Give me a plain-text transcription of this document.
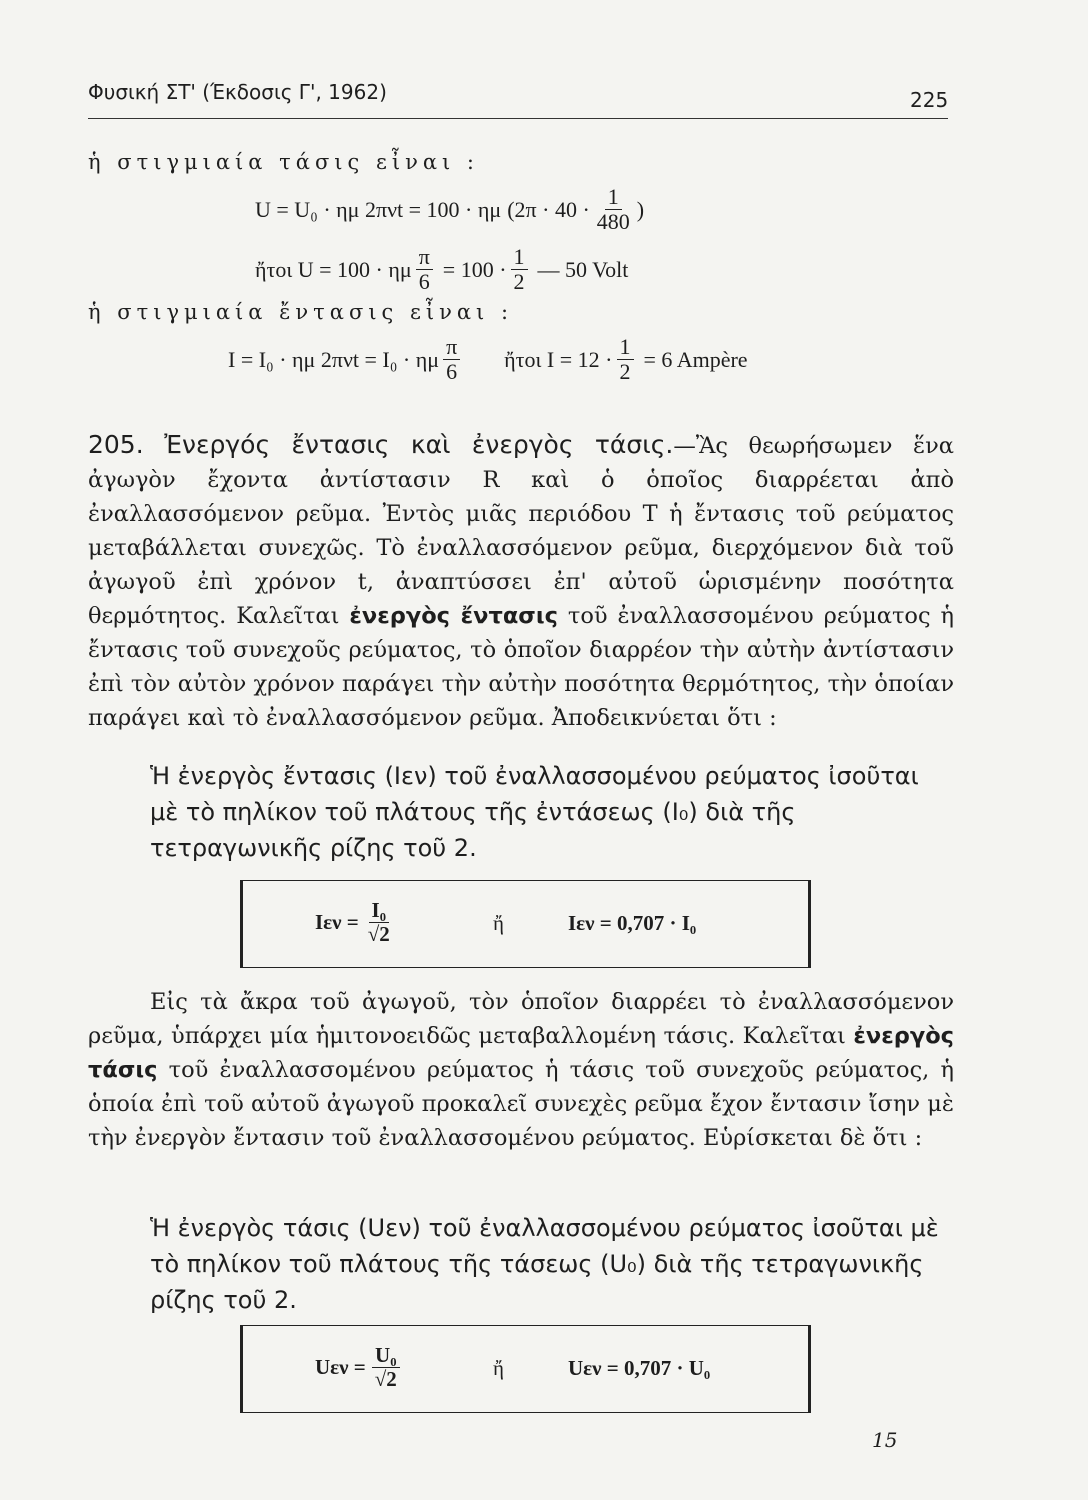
Φυσική ΣΤ' (Έκδοσις Γ', 1962)	225
ἡ στιγμιαία τάσις εἶναι :
U = U₀ · ημ 2πνt = 100 · ημ ($2\pi \cdot 40 \cdot \frac{1}{480}$ )
ἤτοι U = 100 · ημ $\frac{\pi}{6} = 100 \cdot \frac{1}{2}$ — 50 Volt
ἡ στιγμιαία ἔντασις εἶναι :
I = I₀ · ημ 2πνt = I₀ · ημ $\frac{\pi}{6}$ ἤτοι $I = 12 \cdot \frac{1}{2} = 6$ Ampère

205. Ἐνεργός ἔντασις καὶ ἐνεργὸς τάσις.—Ἂς θεωρήσωμεν ἕνα ἀγωγὸν ἔχοντα ἀντίστασιν R καὶ ὁ ὁποῖος διαρρέεται ἀπὸ ἐναλλασσόμενον ρεῦμα. Ἐντὸς μιᾶς περιόδου T ἡ ἔντασις τοῦ ρεύματος μεταβάλλεται συνεχῶς. Τὸ ἐναλλασσόμενον ρεῦμα, διερχόμενον διὰ τοῦ ἀγωγοῦ ἐπὶ χρόνον t, ἀναπτύσσει ἐπ' αὐτοῦ ὡρισμένην ποσότητα θερμότητος. Καλεῖται ἐνεργὸς ἔντασις τοῦ ἐναλλασσομένου ρεύματος ἡ ἔντασις τοῦ συνεχοῦς ρεύματος, τὸ ὁποῖον διαρρέον τὴν αὐτὴν ἀντίστασιν ἐπὶ τὸν αὐτὸν χρόνον παράγει τὴν αὐτὴν ποσότητα θερμότητος, τὴν ὁποίαν παράγει καὶ τὸ ἐναλλασσόμενον ρεῦμα. Ἀποδεικνύεται ὅτι :

Ἡ ἐνεργὸς ἔντασις (Iεν) τοῦ ἐναλλασσομένου ρεύματος ἰσοῦται μὲ τὸ πηλίκον τοῦ πλάτους τῆς ἐντάσεως (I₀) διὰ τῆς τετραγωνικῆς ρίζης τοῦ 2.
$I\varepsilon\nu = \frac{\text{I₀}}{√2}$	ἤ	Iεν = 0,707 · I₀

Εἰς τὰ ἄκρα τοῦ ἀγωγοῦ, τὸν ὁποῖον διαρρέει τὸ ἐναλλασσόμενον ρεῦμα, ὑπάρχει μία ἡμιτονοειδῶς μεταβαλλομένη τάσις. Καλεῖται ἐνεργὸς τάσις τοῦ ἐναλλασσομένου ρεύματος ἡ τάσις τοῦ συνεχοῦς ρεύματος, ἡ ὁποία ἐπὶ τοῦ αὐτοῦ ἀγωγοῦ προκαλεῖ συνεχὲς ρεῦμα ἔχον ἔντασιν ἴσην μὲ τὴν ἐνεργὸν ἔντασιν τοῦ ἐναλλασσομένου ρεύματος. Εὑρίσκεται δὲ ὅτι :

Ἡ ἐνεργὸς τάσις (Uεν) τοῦ ἐναλλασσομένου ρεύματος ἰσοῦται μὲ τὸ πηλίκον τοῦ πλάτους τῆς τάσεως (U₀) διὰ τῆς τετραγωνικῆς ρίζης τοῦ 2.
$U\varepsilon\nu = \frac{\text{U₀}}{√2}$	ἤ	Uεν = 0,707 · U₀
15
